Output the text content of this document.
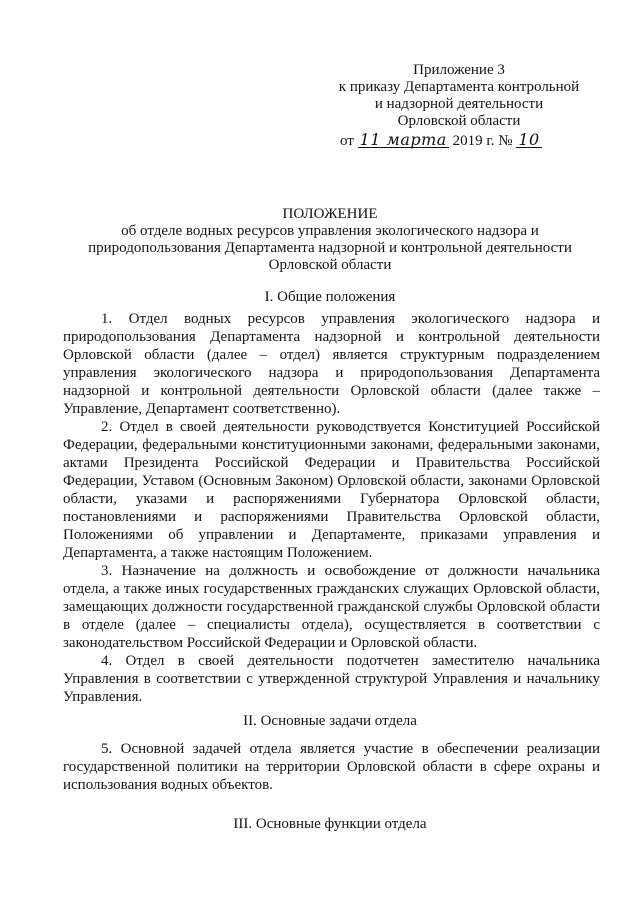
Приложение 3
к приказу Департамента контрольной
и надзорной деятельности
Орловской области
от 11 марта 2019 г. № 10
ПОЛОЖЕНИЕ
об отделе водных ресурсов управления экологического надзора и
природопользования Департамента надзорной и контрольной деятельности
Орловской области
I. Общие положения

1. Отдел водных ресурсов управления экологического надзора и природопользования Департамента надзорной и контрольной деятельности Орловской области (далее – отдел) является структурным подразделением управления экологического надзора и природопользования Департамента надзорной и контрольной деятельности Орловской области (далее также – Управление, Департамент соответственно).

2. Отдел в своей деятельности руководствуется Конституцией Российской Федерации, федеральными конституционными законами, федеральными законами, актами Президента Российской Федерации и Правительства Российской Федерации, Уставом (Основным Законом) Орловской области, законами Орловской области, указами и распоряжениями Губернатора Орловской области, постановлениями и распоряжениями Правительства Орловской области, Положениями об управлении и Департаменте, приказами управления и Департамента, а также настоящим Положением.

3. Назначение на должность и освобождение от должности начальника отдела, а также иных государственных гражданских служащих Орловской области, замещающих должности государственной гражданской службы Орловской области в отделе (далее – специалисты отдела), осуществляется в соответствии с законодательством Российской Федерации и Орловской области.

4. Отдел в своей деятельности подотчетен заместителю начальника Управления в соответствии с утвержденной структурой Управления и начальнику Управления.

II. Основные задачи отдела

5. Основной задачей отдела является участие в обеспечении реализации государственной политики на территории Орловской области в сфере охраны и использования водных объектов.

III. Основные функции отдела
